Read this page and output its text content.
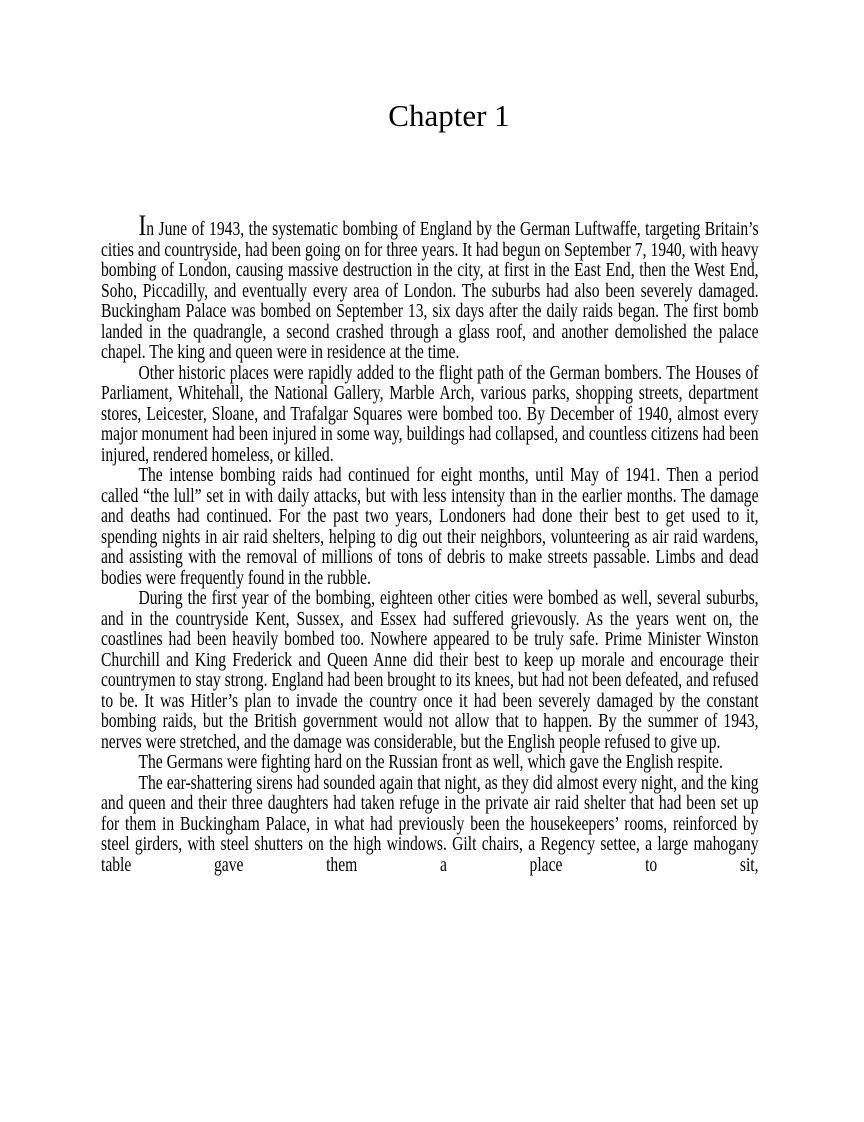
Chapter 1

In June of 1943, the systematic bombing of England by the German Luftwaffe, targeting Britain’s cities and countryside, had been going on for three years. It had begun on September 7, 1940, with heavy bombing of London, causing massive destruction in the city, at first in the East End, then the West End, Soho, Piccadilly, and eventually every area of London. The suburbs had also been severely damaged. Buckingham Palace was bombed on September 13, six days after the daily raids began. The first bomb landed in the quadrangle, a second crashed through a glass roof, and another demolished the palace chapel. The king and queen were in residence at the time.

Other historic places were rapidly added to the flight path of the German bombers. The Houses of Parliament, Whitehall, the National Gallery, Marble Arch, various parks, shopping streets, department stores, Leicester, Sloane, and Trafalgar Squares were bombed too. By December of 1940, almost every major monument had been injured in some way, buildings had collapsed, and countless citizens had been injured, rendered homeless, or killed.

The intense bombing raids had continued for eight months, until May of 1941. Then a period called “the lull” set in with daily attacks, but with less intensity than in the earlier months. The damage and deaths had continued. For the past two years, Londoners had done their best to get used to it, spending nights in air raid shelters, helping to dig out their neighbors, volunteering as air raid wardens, and assisting with the removal of millions of tons of debris to make streets passable. Limbs and dead bodies were frequently found in the rubble.

During the first year of the bombing, eighteen other cities were bombed as well, several suburbs, and in the countryside Kent, Sussex, and Essex had suffered grievously. As the years went on, the coastlines had been heavily bombed too. Nowhere appeared to be truly safe. Prime Minister Winston Churchill and King Frederick and Queen Anne did their best to keep up morale and encourage their countrymen to stay strong. England had been brought to its knees, but had not been defeated, and refused to be. It was Hitler’s plan to invade the country once it had been severely damaged by the constant bombing raids, but the British government would not allow that to happen. By the summer of 1943, nerves were stretched, and the damage was considerable, but the English people refused to give up.

The Germans were fighting hard on the Russian front as well, which gave the English respite.

The ear-shattering sirens had sounded again that night, as they did almost every night, and the king and queen and their three daughters had taken refuge in the private air raid shelter that had been set up for them in Buckingham Palace, in what had previously been the housekeepers’ rooms, reinforced by steel girders, with steel shutters on the high windows. Gilt chairs, a Regency settee, a large mahogany table gave them a place to sit,
